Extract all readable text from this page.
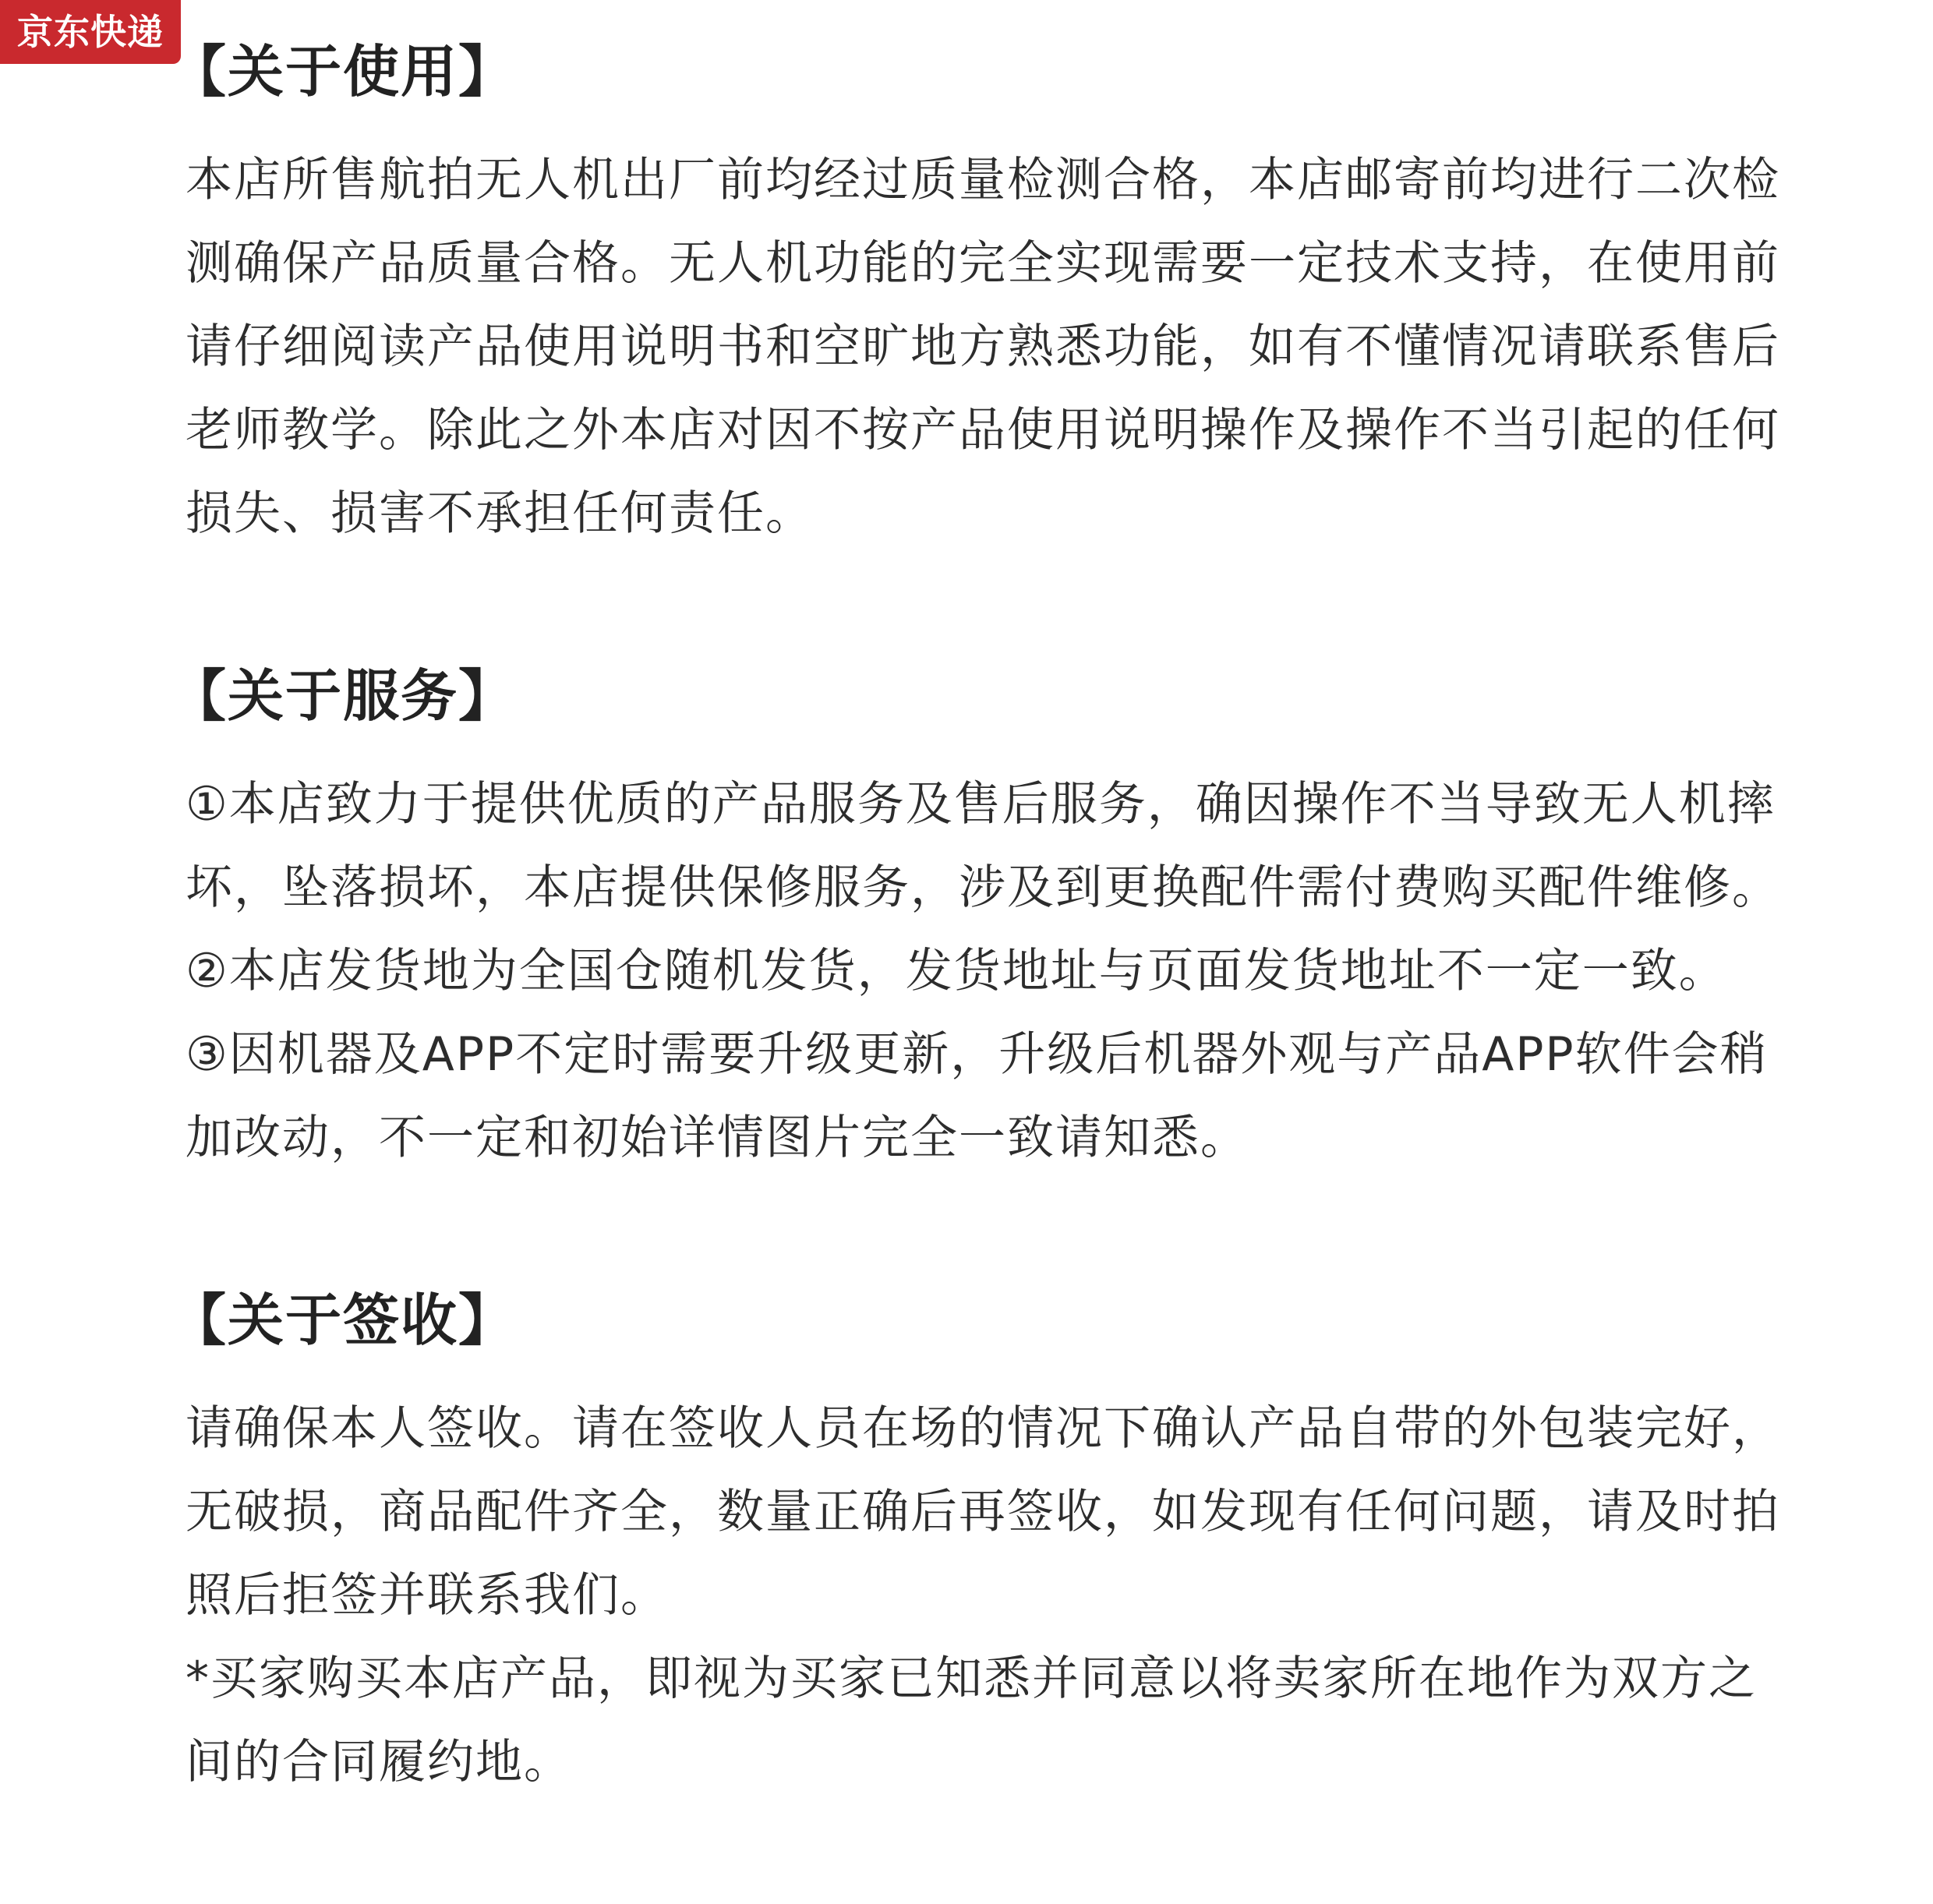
京东快递
【关于使用】

本店所售航拍无人机出厂前均经过质量检测合格，本店邮寄前均进行二次检测确保产品质量合格。无人机功能的完全实现需要一定技术支持，在使用前请仔细阅读产品使用说明书和空旷地方熟悉功能，如有不懂情况请联系售后老师教学。除此之外本店对因不按产品使用说明操作及操作不当引起的任何损失、损害不承担任何责任。

【关于服务】

①本店致力于提供优质的产品服务及售后服务，确因操作不当导致无人机摔坏，坠落损坏，本店提供保修服务，涉及到更换配件需付费购买配件维修。

②本店发货地为全国仓随机发货，发货地址与页面发货地址不一定一致。

③因机器及APP不定时需要升级更新，升级后机器外观与产品APP软件会稍加改动，不一定和初始详情图片完全一致请知悉。

【关于签收】

请确保本人签收。请在签收人员在场的情况下确认产品自带的外包装完好，无破损，商品配件齐全，数量正确后再签收，如发现有任何问题，请及时拍照后拒签并联系我们。

*买家购买本店产品，即视为买家已知悉并同意以将卖家所在地作为双方之间的合同履约地。
